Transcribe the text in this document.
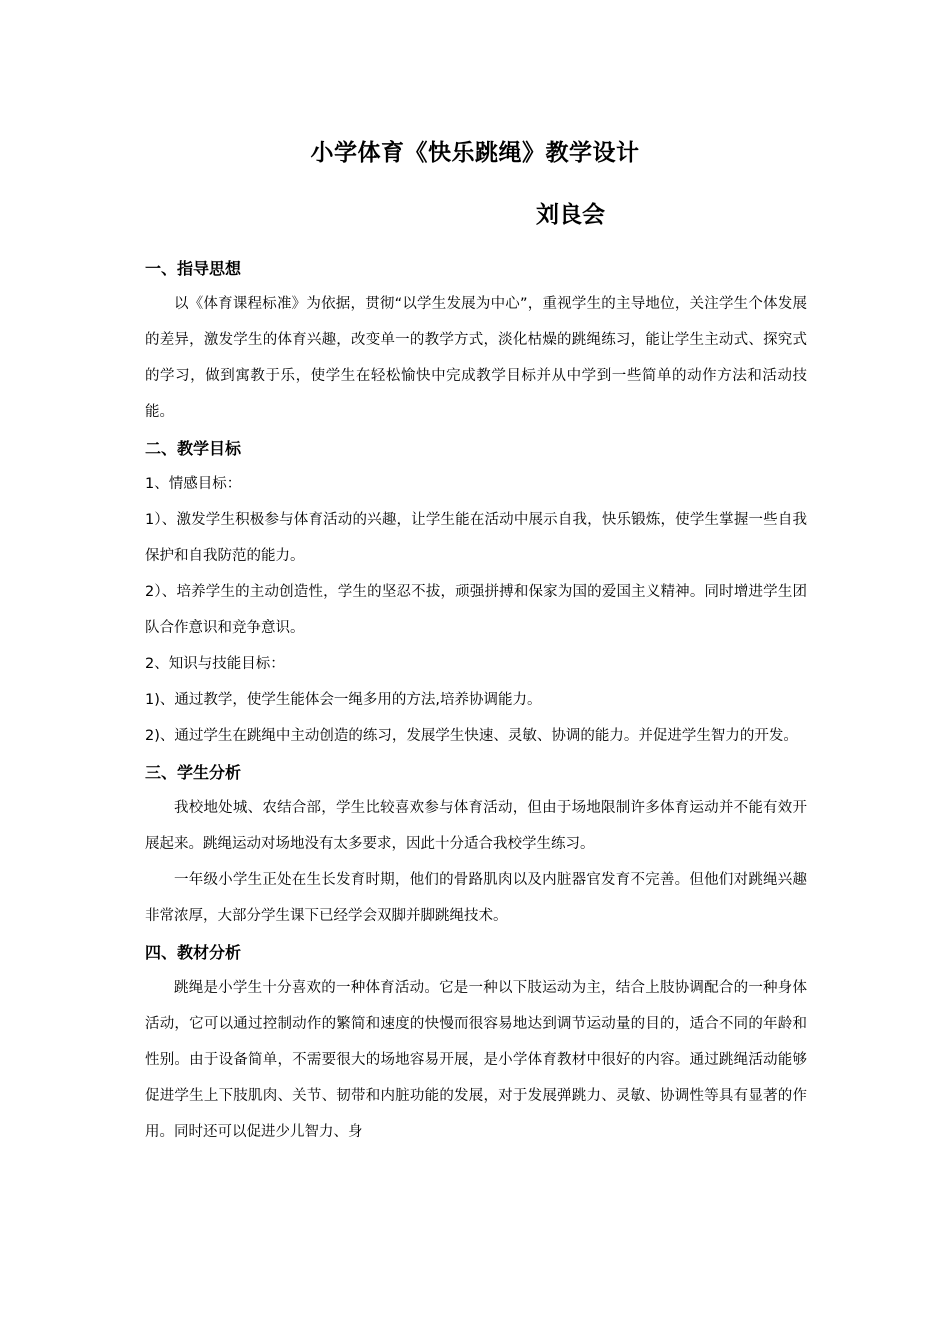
小学体育《快乐跳绳》教学设计
刘良会
一、指导思想

以《体育课程标准》为依据，贯彻“以学生发展为中心”，重视学生的主导地位，关注学生个体发展的差异，激发学生的体育兴趣，改变单一的教学方式，淡化枯燥的跳绳练习，能让学生主动式、探究式的学习，做到寓教于乐，使学生在轻松愉快中完成教学目标并从中学到一些简单的动作方法和活动技能。

二、教学目标

1、情感目标：

1）、激发学生积极参与体育活动的兴趣，让学生能在活动中展示自我，快乐锻炼，使学生掌握一些自我保护和自我防范的能力。

2）、培养学生的主动创造性，学生的坚忍不拔，顽强拼搏和保家为国的爱国主义精神。同时增进学生团队合作意识和竞争意识。

2、知识与技能目标：

1)、通过教学，使学生能体会一绳多用的方法,培养协调能力。

2)、通过学生在跳绳中主动创造的练习，发展学生快速、灵敏、协调的能力。并促进学生智力的开发。

三、学生分析

我校地处城、农结合部，学生比较喜欢参与体育活动，但由于场地限制许多体育运动并不能有效开展起来。跳绳运动对场地没有太多要求，因此十分适合我校学生练习。

一年级小学生正处在生长发育时期，他们的骨路肌肉以及内脏器官发育不完善。但他们对跳绳兴趣非常浓厚，大部分学生课下已经学会双脚并脚跳绳技术。

四、教材分析

跳绳是小学生十分喜欢的一种体育活动。它是一种以下肢运动为主，结合上肢协调配合的一种身体活动，它可以通过控制动作的繁简和速度的快慢而很容易地达到调节运动量的目的，适合不同的年龄和性别。由于设备简单，不需要很大的场地容易开展，是小学体育教材中很好的内容。通过跳绳活动能够促进学生上下肢肌肉、关节、韧带和内脏功能的发展，对于发展弹跳力、灵敏、协调性等具有显著的作用。同时还可以促进少儿智力、身
